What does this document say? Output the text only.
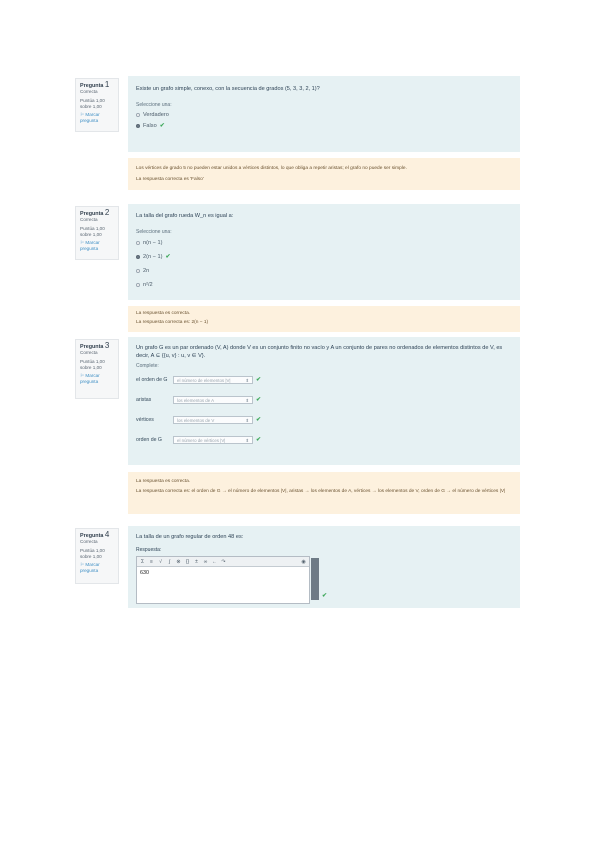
Pregunta 1
Correcta
Puntúa 1,00 sobre 1,00
⚐ Marcar pregunta
Existe un grafo simple, conexo, con la secuencia de grados (5, 3, 3, 2, 1)?
Seleccione una:
Verdadero
Falso ✔
Los vértices de grado 5 no pueden estar unidos a vértices distintos, lo que obliga a repetir aristas; el grafo no puede ser simple.
La respuesta correcta es 'Falso'
Pregunta 2
Correcta
Puntúa 1,00 sobre 1,00
⚐ Marcar pregunta
La talla del grafo rueda W_n es igual a:
Seleccione una:
n(n − 1)
2(n − 1) ✔
2n
n²/2
La respuesta es correcta.
La respuesta correcta es: 2(n − 1)
Pregunta 3
Correcta
Puntúa 1,00 sobre 1,00
⚐ Marcar pregunta
Un grafo G es un par ordenado (V, A) donde V es un conjunto finito no vacío y A un conjunto de pares no ordenados de elementos distintos de V, es decir, A ⊆ {{u, v} : u, v ∈ V}.
Complete:
el orden de G	el número de elementos |V|	⬍ ✔
aristas	los elementos de A	⬍ ✔
vértices	los elementos de V	⬍ ✔
orden de G	el número de vértices |V|	⬍ ✔
La respuesta es correcta.
La respuesta correcta es: el orden de G → el número de elementos |V|, aristas → los elementos de A, vértices → los elementos de V, orden de G → el número de vértices |V|
Pregunta 4
Correcta
Puntúa 1,00 sobre 1,00
⚐ Marcar pregunta
La talla de un grafo regular de orden 48 es:
Respuesta:
Σ ≡ √	∫	⊗ {} ± ∞ ← ↷	◉
630
✔
